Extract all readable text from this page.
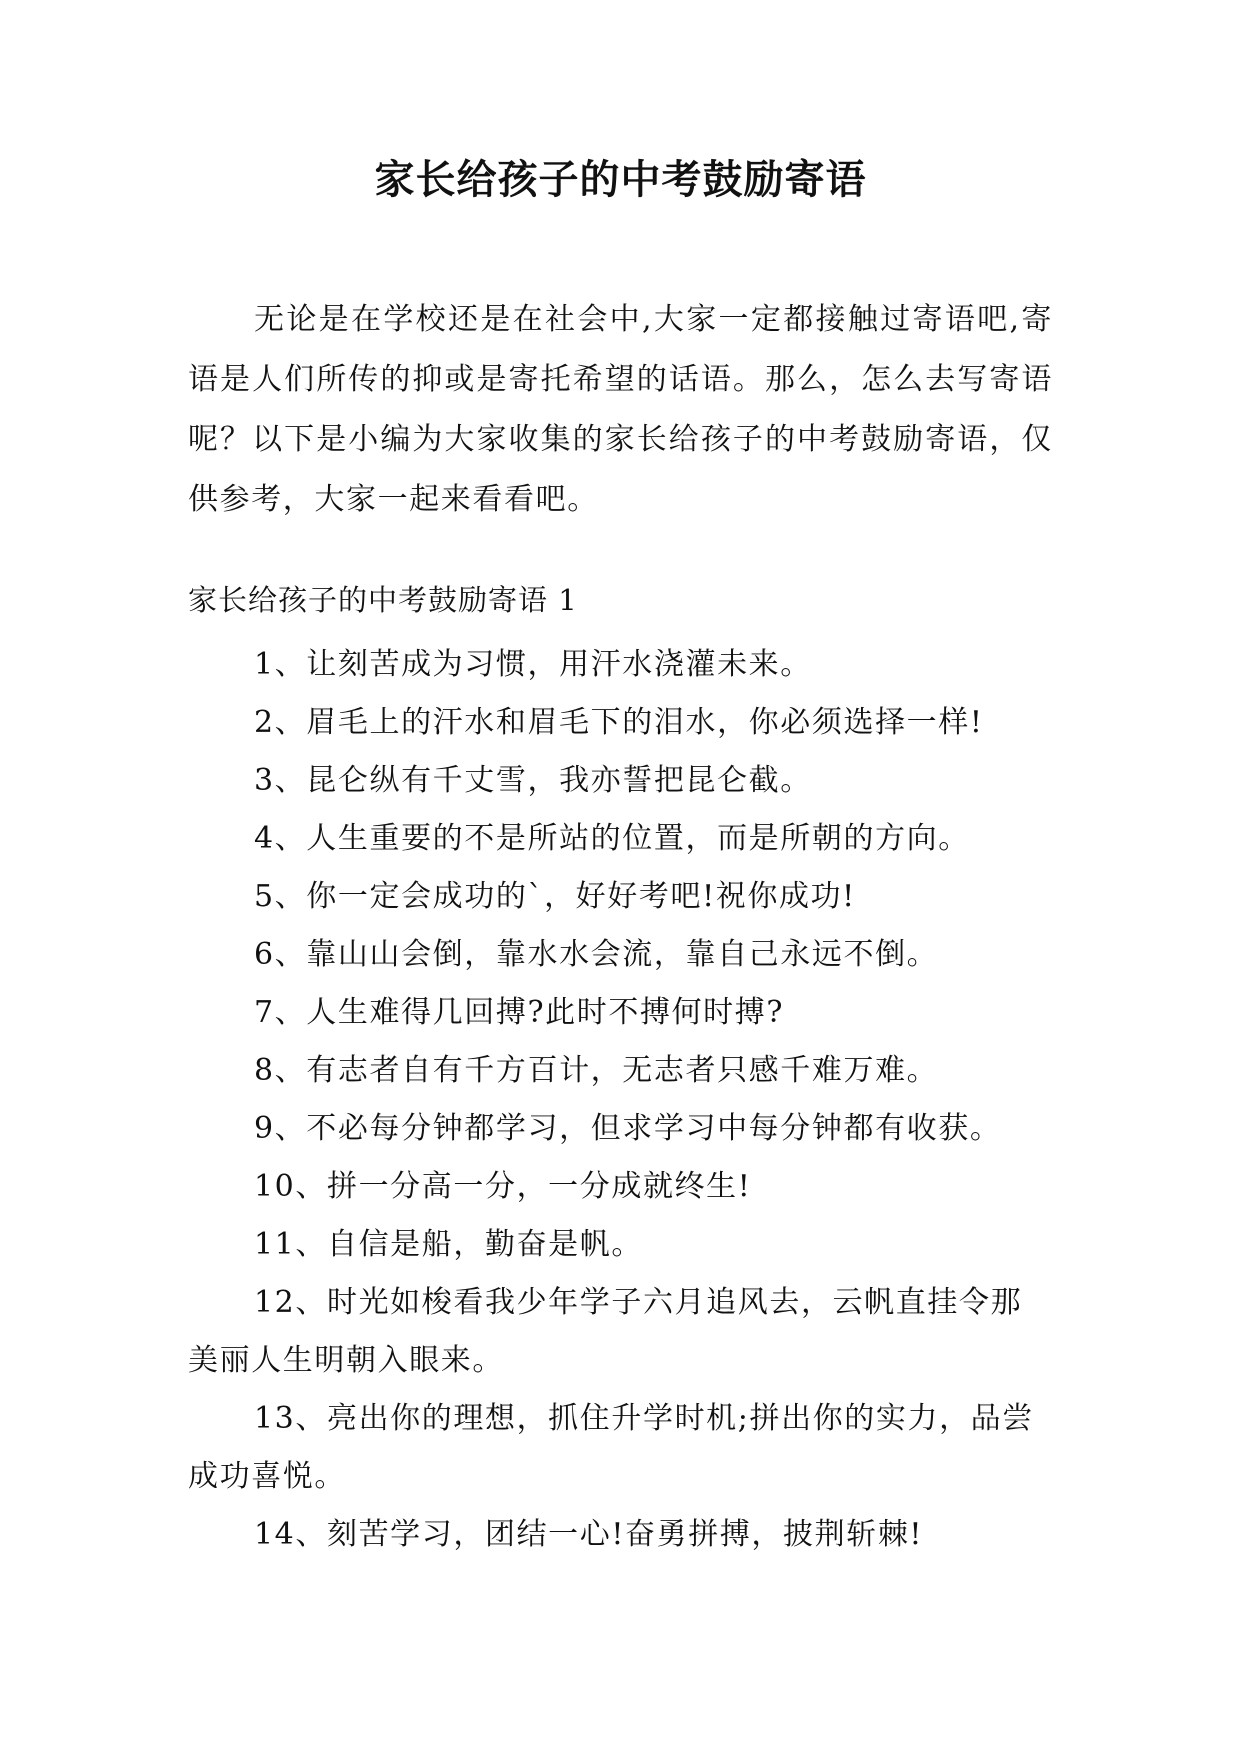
家长给孩子的中考鼓励寄语

无论是在学校还是在社会中,大家一定都接触过寄语吧,寄语是人们所传的抑或是寄托希望的话语。那么，怎么去写寄语呢？以下是小编为大家收集的家长给孩子的中考鼓励寄语，仅供参考，大家一起来看看吧。

家长给孩子的中考鼓励寄语 1

1、让刻苦成为习惯，用汗水浇灌未来。
2、眉毛上的汗水和眉毛下的泪水，你必须选择一样!
3、昆仑纵有千丈雪，我亦誓把昆仑截。
4、人生重要的不是所站的位置，而是所朝的方向。
5、你一定会成功的`，好好考吧!祝你成功!
6、靠山山会倒，靠水水会流，靠自己永远不倒。
7、人生难得几回搏?此时不搏何时搏?
8、有志者自有千方百计，无志者只感千难万难。
9、不必每分钟都学习，但求学习中每分钟都有收获。
10、拼一分高一分，一分成就终生!
11、自信是船，勤奋是帆。
12、时光如梭看我少年学子六月追风去，云帆直挂令那美丽人生明朝入眼来。
13、亮出你的理想，抓住升学时机;拼出你的实力，品尝成功喜悦。
14、刻苦学习，团结一心!奋勇拼搏，披荆斩棘!
